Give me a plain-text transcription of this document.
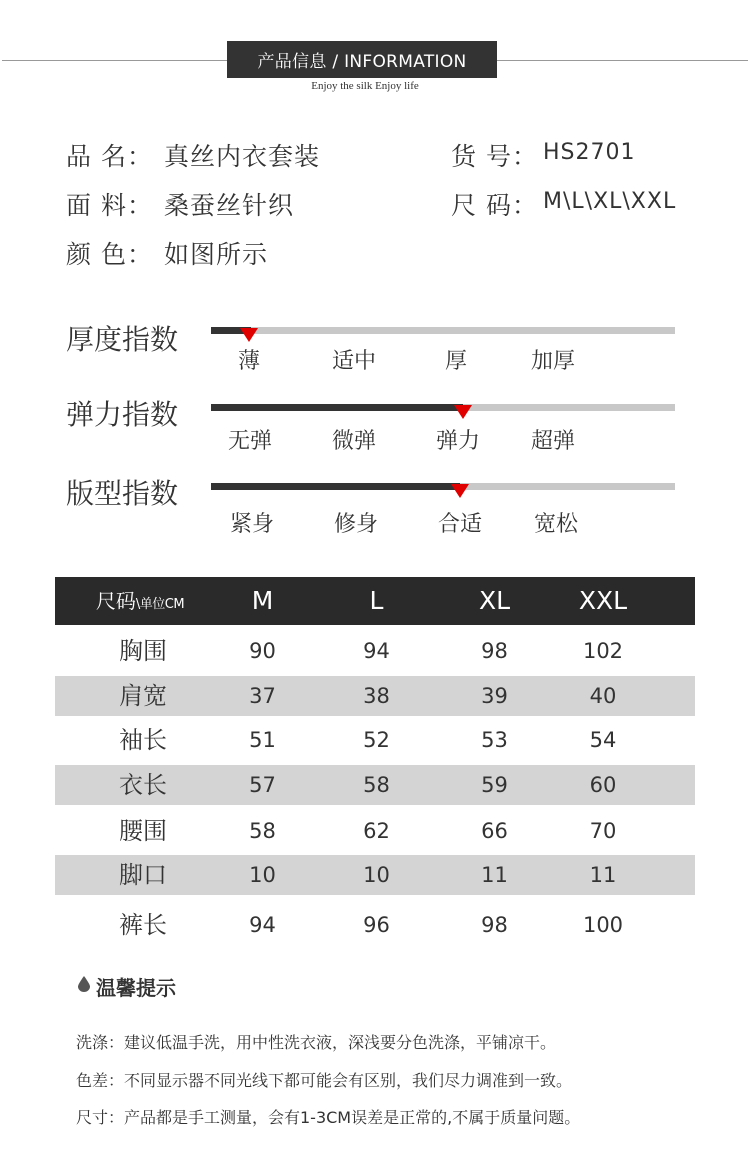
产品信息 / INFORMATION
Enjoy the silk Enjoy life
品 名： 真丝内衣套装
面 料： 桑蚕丝针织
颜 色： 如图所示
货 号： HS2701
尺 码： M\L\XL\XXL
厚度指数
薄	适中	厚	加厚
弹力指数
无弹	微弹	弹力 超弹
版型指数
紧身	修身	合适 宽松
尺码\单位CM	M	L	XL	XXL
胸围	90	94	98	102
肩宽	37	38	39	40
袖长	51	52	53	54
衣长	57	58	59	60
腰围	58	62	66	70
脚口	10	10	11	11
裤长	94	96	98	100
温馨提示
洗涤：建议低温手洗，用中性洗衣液，深浅要分色洗涤，平铺凉干。
色差：不同显示器不同光线下都可能会有区别，我们尽力调准到一致。
尺寸：产品都是手工测量，会有1-3CM误差是正常的,不属于质量问题。
